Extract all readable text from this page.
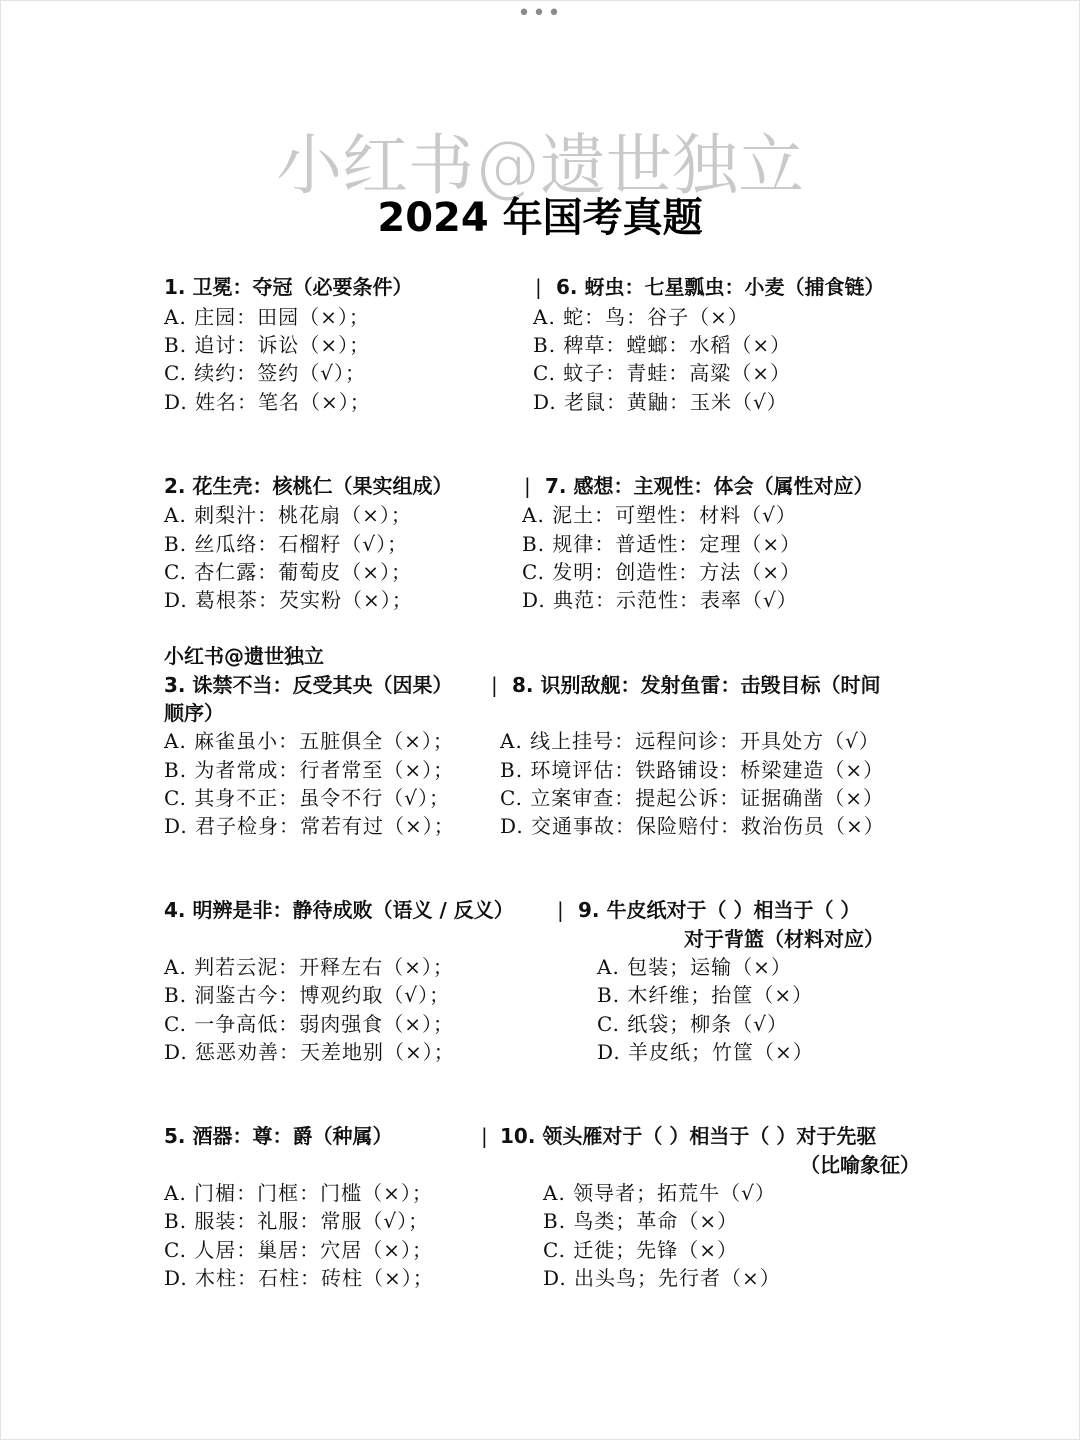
•••
小红书@遗世独立
2024 年国考真题
1. 卫冕：夺冠（必要条件）
A. 庄园：田园（×）；
B. 追讨：诉讼（×）；
C. 续约：签约（√）；
D. 姓名：笔名（×）；
| 6. 蚜虫：七星瓢虫：小麦（捕食链）
A. 蛇：鸟：谷子（×）
B. 稗草：螳螂：水稻（×）
C. 蚊子：青蛙：高粱（×）
D. 老鼠：黄鼬：玉米（√）
2. 花生壳：核桃仁（果实组成）
A. 刺梨汁：桃花扇（×）；
B. 丝瓜络：石榴籽（√）；
C. 杏仁露：葡萄皮（×）；
D. 葛根茶：芡实粉（×）；
| 7. 感想：主观性：体会（属性对应）
A. 泥土：可塑性：材料（√）
B. 规律：普适性：定理（×）
C. 发明：创造性：方法（×）
D. 典范：示范性：表率（√）
小红书@遗世独立
3. 诛禁不当：反受其央（因果）
A. 麻雀虽小：五脏俱全（×）；
B. 为者常成：行者常至（×）；
C. 其身不正：虽令不行（√）；
D. 君子检身：常若有过（×）；
| 8. 识别敌舰：发射鱼雷：击毁目标（时间
顺序）
A. 线上挂号：远程问诊：开具处方（√）
B. 环境评估：铁路铺设：桥梁建造（×）
C. 立案审查：提起公诉：证据确凿（×）
D. 交通事故：保险赔付：救治伤员（×）
4. 明辨是非：静待成败（语义 / 反义）
A. 判若云泥：开释左右（×）；
B. 洞鉴古今：博观约取（√）；
C. 一争高低：弱肉强食（×）；
D. 惩恶劝善：天差地别（×）；
| 9. 牛皮纸对于（ ）相当于（ ）
对于背篮（材料对应）
A. 包装；运输（×）
B. 木纤维；抬筐（×）
C. 纸袋；柳条（√）
D. 羊皮纸；竹筐（×）
5. 酒器：尊：爵（种属）
A. 门楣：门框：门槛（×）；
B. 服装：礼服：常服（√）；
C. 人居：巢居：穴居（×）；
D. 木柱：石柱：砖柱（×）；
| 10. 领头雁对于（ ）相当于（ ）对于先驱
（比喻象征）
A. 领导者；拓荒牛（√）
B. 鸟类；革命（×）
C. 迁徙；先锋（×）
D. 出头鸟；先行者（×）
